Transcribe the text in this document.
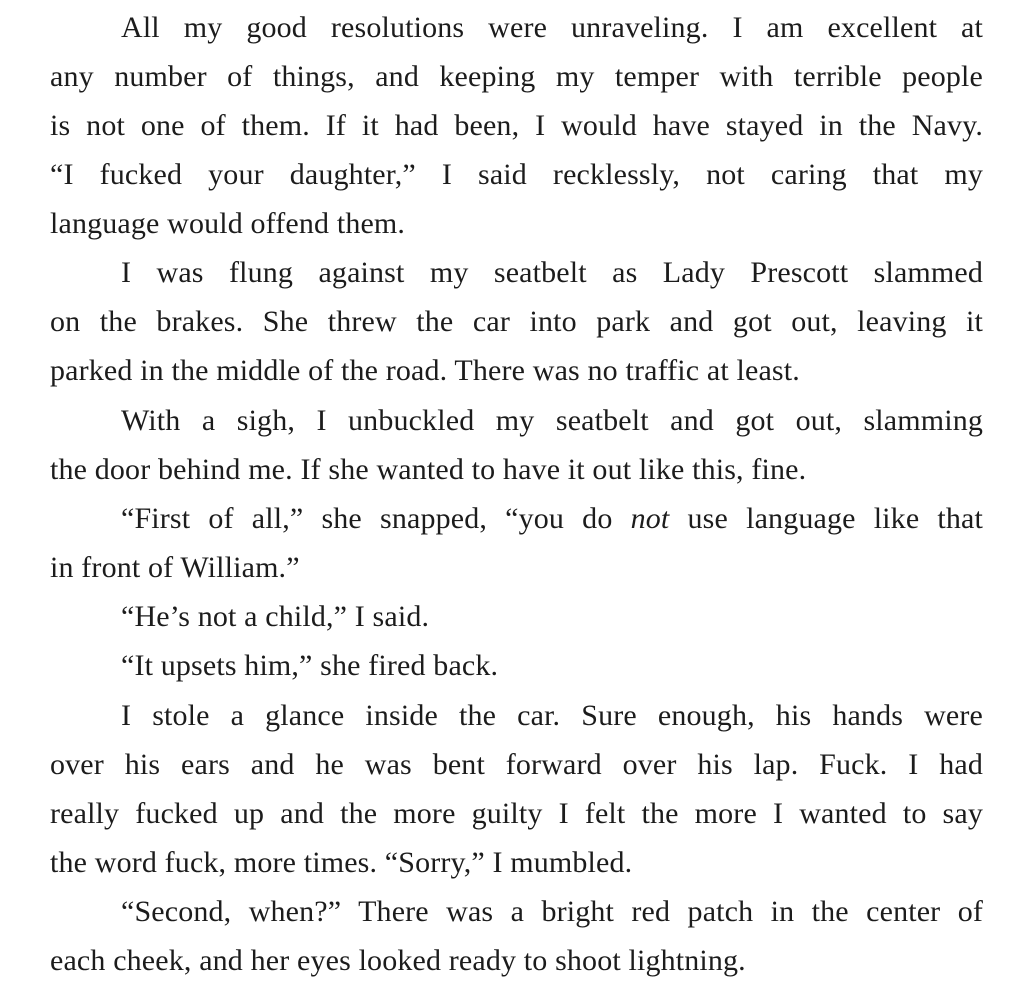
All my good resolutions were unraveling. I am excellent at
any number of things, and keeping my temper with terrible people
is not one of them. If it had been, I would have stayed in the Navy.
“I fucked your daughter,” I said recklessly, not caring that my
language would offend them.
I was flung against my seatbelt as Lady Prescott slammed
on the brakes. She threw the car into park and got out, leaving it
parked in the middle of the road. There was no traffic at least.
With a sigh, I unbuckled my seatbelt and got out, slamming
the door behind me. If she wanted to have it out like this, fine.
“First of all,” she snapped, “you do not use language like that
in front of William.”
“He’s not a child,” I said.
“It upsets him,” she fired back.
I stole a glance inside the car. Sure enough, his hands were
over his ears and he was bent forward over his lap. Fuck. I had
really fucked up and the more guilty I felt the more I wanted to say
the word fuck, more times. “Sorry,” I mumbled.
“Second, when?” There was a bright red patch in the center of
each cheek, and her eyes looked ready to shoot lightning.
